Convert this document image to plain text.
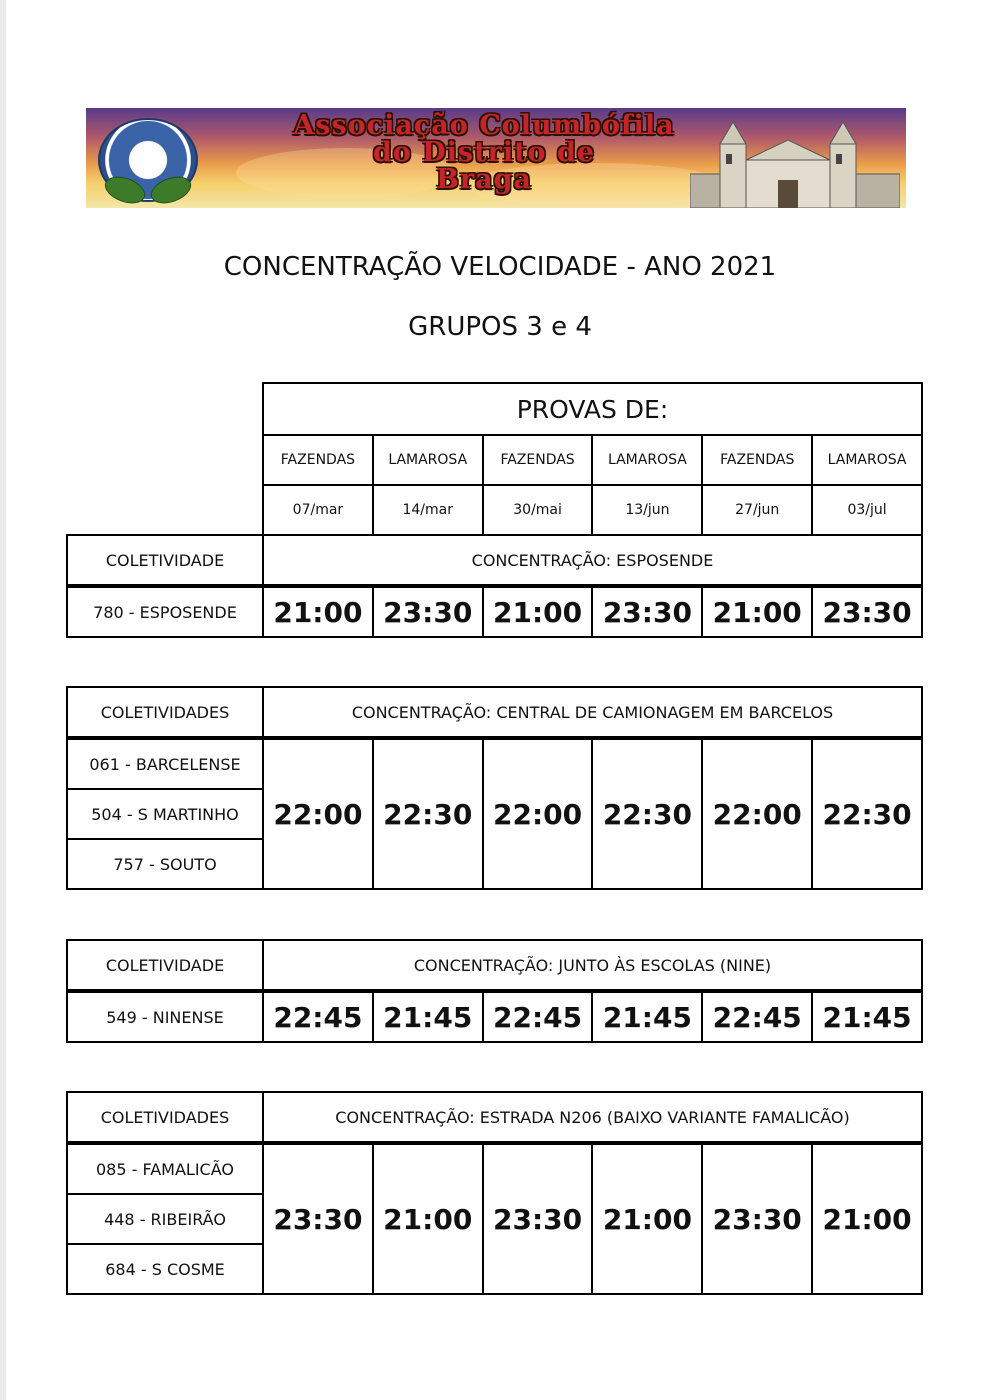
Associação Columbófila
do Distrito de
Braga
CONCENTRAÇÃO VELOCIDADE - ANO 2021
GRUPOS 3 e 4
PROVAS DE:					
FAZENDAS	LAMAROSA	FAZENDAS	LAMAROSA	FAZENDAS	LAMAROSA
07/mar	14/mar	30/mai	13/jun	27/jun	03/jul
COLETIVIDADE	CONCENTRAÇÃO: ESPOSENDE					
780 - ESPOSENDE	21:00	23:30	21:00	23:30	21:00	23:30
COLETIVIDADES	CONCENTRAÇÃO: CENTRAL DE CAMIONAGEM EM BARCELOS					
061 - BARCELENSE	22:00	22:30	22:00	22:30	22:00	22:30
504 - S MARTINHO						
757 - SOUTO						
COLETIVIDADE	CONCENTRAÇÃO: JUNTO ÀS ESCOLAS (NINE)					
549 - NINENSE	22:45	21:45	22:45	21:45	22:45	21:45
COLETIVIDADES	CONCENTRAÇÃO: ESTRADA N206 (BAIXO VARIANTE FAMALICÃO)					
085 - FAMALICÃO	23:30	21:00	23:30	21:00	23:30	21:00
448 - RIBEIRÃO						
684 - S COSME						
